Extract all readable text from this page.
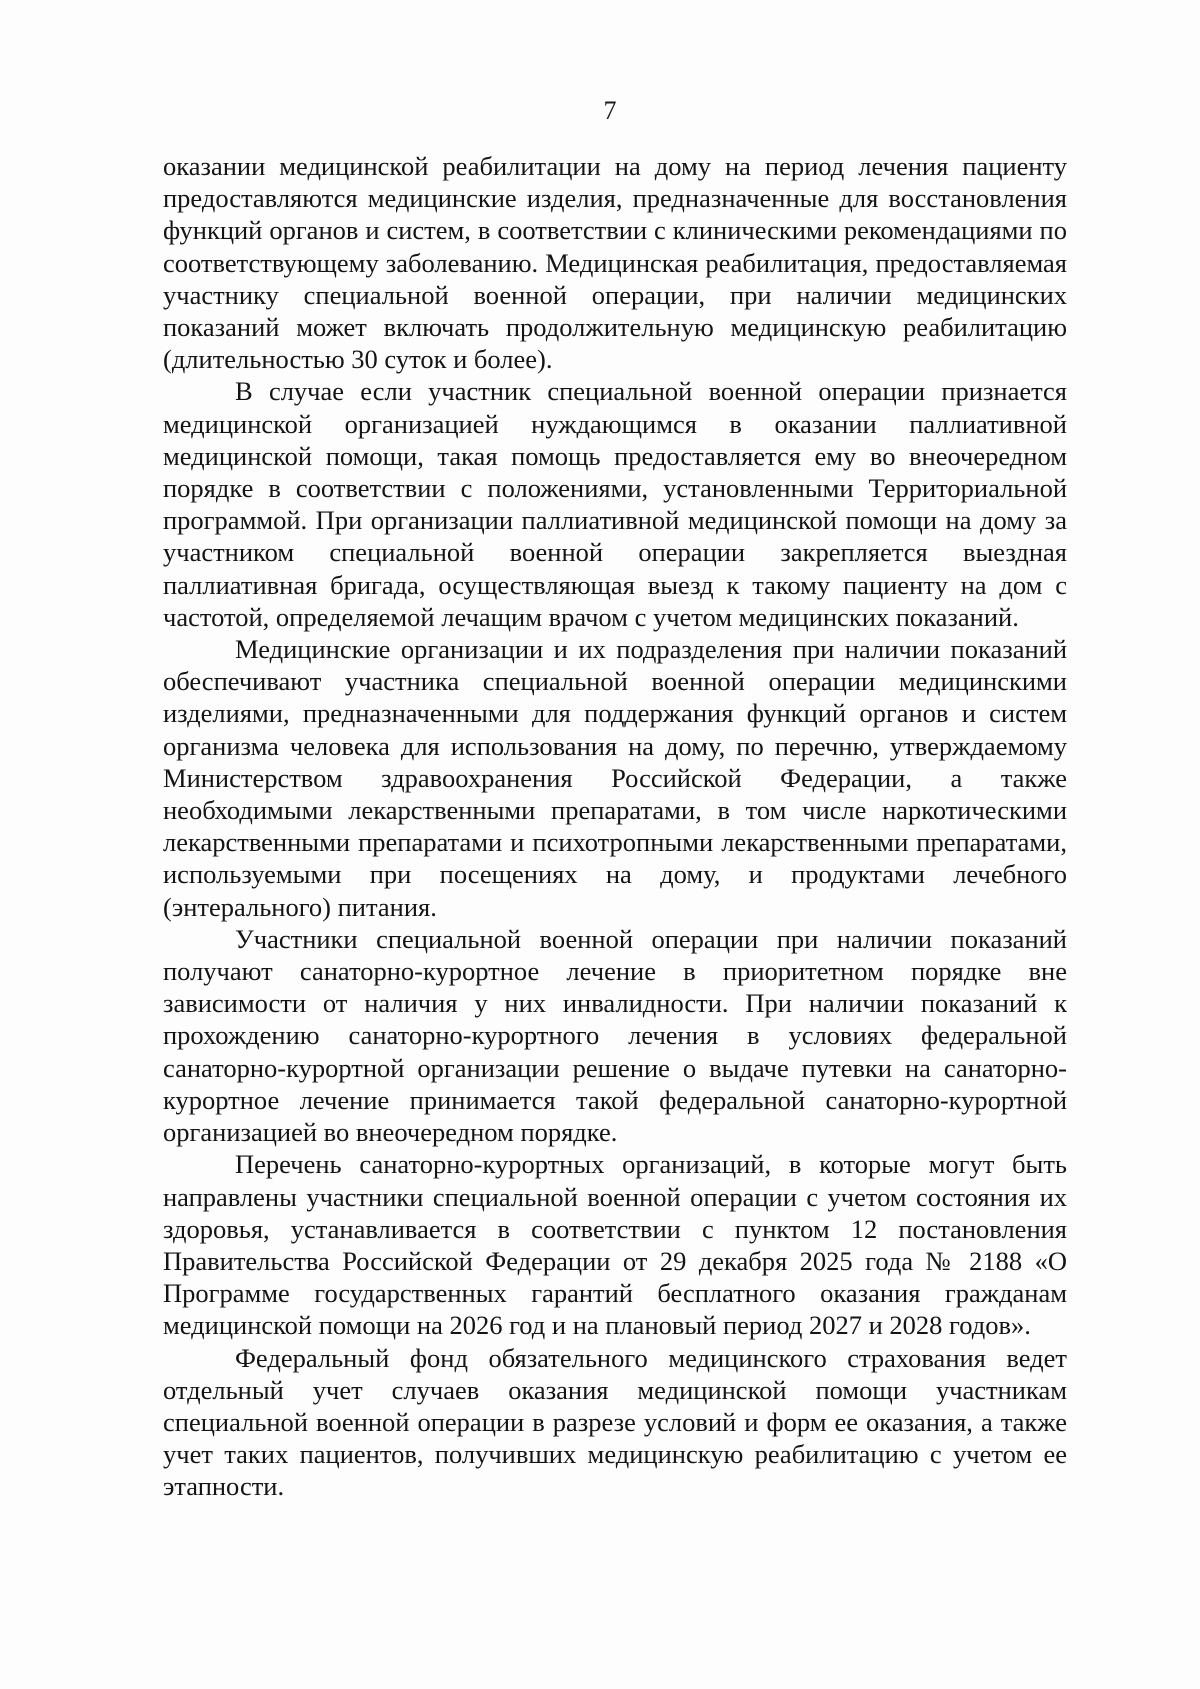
7

оказании медицинской реабилитации на дому на период лечения пациенту предоставляются медицинские изделия, предназначенные для восстановления функций органов и систем, в соответствии с клиническими рекомендациями по соответствующему заболеванию. Медицинская реабилитация, предоставляемая участнику специальной военной операции, при наличии медицинских показаний может включать продолжительную медицинскую реабилитацию (длительностью 30 суток и более).

В случае если участник специальной военной операции признается медицинской организацией нуждающимся в оказании паллиативной медицинской помощи, такая помощь предоставляется ему во внеочередном порядке в соответствии с положениями, установленными Территориальной программой. При организации паллиативной медицинской помощи на дому за участником специальной военной операции закрепляется выездная паллиативная бригада, осуществляющая выезд к такому пациенту на дом с частотой, определяемой лечащим врачом с учетом медицинских показаний.

Медицинские организации и их подразделения при наличии показаний обеспечивают участника специальной военной операции медицинскими изделиями, предназначенными для поддержания функций органов и систем организма человека для использования на дому, по перечню, утверждаемому Министерством здравоохранения Российской Федерации, а также необходимыми лекарственными препаратами, в том числе наркотическими лекарственными препаратами и психотропными лекарственными препаратами, используемыми при посещениях на дому, и продуктами лечебного (энтерального) питания.

Участники специальной военной операции при наличии показаний получают санаторно-курортное лечение в приоритетном порядке вне зависимости от наличия у них инвалидности. При наличии показаний к прохождению санаторно-курортного лечения в условиях федеральной санаторно-курортной организации решение о выдаче путевки на санаторно-курортное лечение принимается такой федеральной санаторно-курортной организацией во внеочередном порядке.

Перечень санаторно-курортных организаций, в которые могут быть направлены участники специальной военной операции с учетом состояния их здоровья, устанавливается в соответствии с пунктом 12 постановления Правительства Российской Федерации от 29 декабря 2025 года № 2188 «О Программе государственных гарантий бесплатного оказания гражданам медицинской помощи на 2026 год и на плановый период 2027 и 2028 годов».

Федеральный фонд обязательного медицинского страхования ведет отдельный учет случаев оказания медицинской помощи участникам специальной военной операции в разрезе условий и форм ее оказания, а также учет таких пациентов, получивших медицинскую реабилитацию с учетом ее этапности.
